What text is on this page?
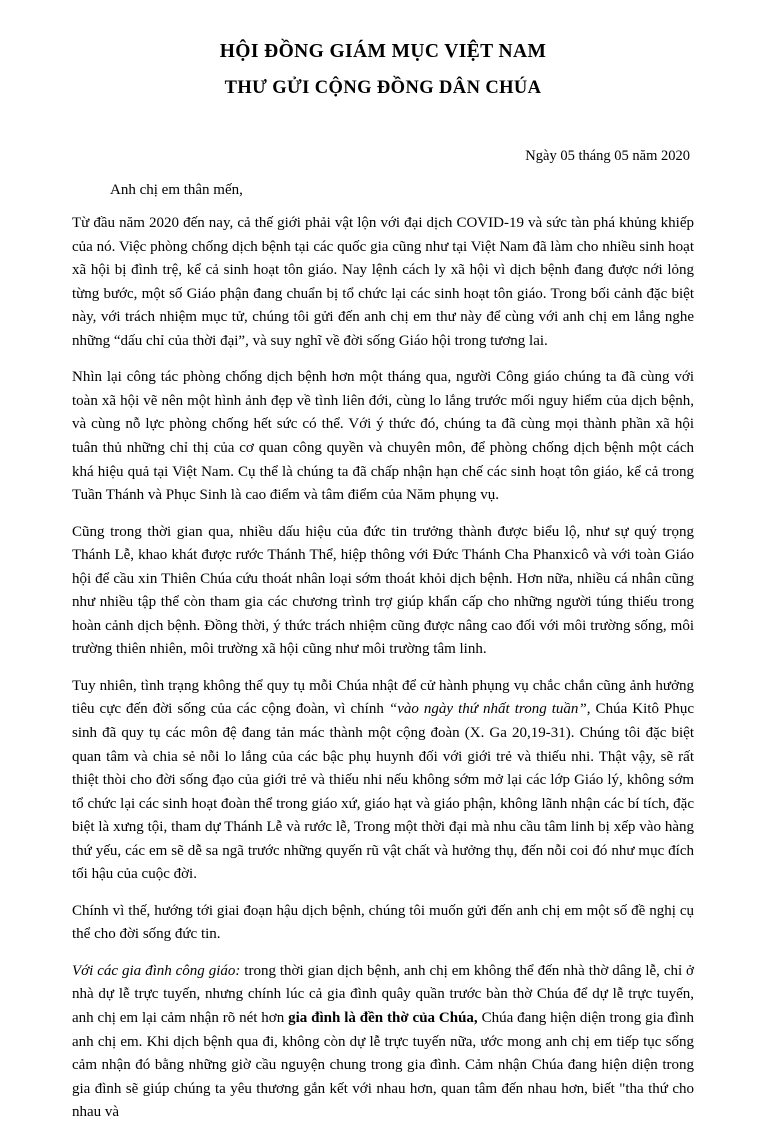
HỘI ĐỒNG GIÁM MỤC VIỆT NAM
THƯ GỬI CỘNG ĐỒNG DÂN CHÚA

Ngày 05 tháng 05 năm 2020

Anh chị em thân mến,

Từ đầu năm 2020 đến nay, cả thế giới phải vật lộn với đại dịch COVID-19 và sức tàn phá khủng khiếp của nó. Việc phòng chống dịch bệnh tại các quốc gia cũng như tại Việt Nam đã làm cho nhiều sinh hoạt xã hội bị đình trệ, kể cả sinh hoạt tôn giáo. Nay lệnh cách ly xã hội vì dịch bệnh đang được nới lỏng từng bước, một số Giáo phận đang chuẩn bị tổ chức lại các sinh hoạt tôn giáo. Trong bối cảnh đặc biệt này, với trách nhiệm mục tử, chúng tôi gửi đến anh chị em thư này để cùng với anh chị em lắng nghe những “dấu chỉ của thời đại”, và suy nghĩ về đời sống Giáo hội trong tương lai.

Nhìn lại công tác phòng chống dịch bệnh hơn một tháng qua, người Công giáo chúng ta đã cùng với toàn xã hội vẽ nên một hình ảnh đẹp về tình liên đới, cùng lo lắng trước mối nguy hiểm của dịch bệnh, và cùng nỗ lực phòng chống hết sức có thể. Với ý thức đó, chúng ta đã cùng mọi thành phần xã hội tuân thủ những chỉ thị của cơ quan công quyền và chuyên môn, để phòng chống dịch bệnh một cách khá hiệu quả tại Việt Nam. Cụ thể là chúng ta đã chấp nhận hạn chế các sinh hoạt tôn giáo, kể cả trong Tuần Thánh và Phục Sinh là cao điểm và tâm điểm của Năm phụng vụ.

Cũng trong thời gian qua, nhiều dấu hiệu của đức tin trưởng thành được biểu lộ, như sự quý trọng Thánh Lễ, khao khát được rước Thánh Thể, hiệp thông với Đức Thánh Cha Phanxicô và với toàn Giáo hội để cầu xin Thiên Chúa cứu thoát nhân loại sớm thoát khỏi dịch bệnh. Hơn nữa, nhiều cá nhân cũng như nhiều tập thể còn tham gia các chương trình trợ giúp khẩn cấp cho những người túng thiếu trong hoàn cảnh dịch bệnh. Đồng thời, ý thức trách nhiệm cũng được nâng cao đối với môi trường sống, môi trường thiên nhiên, môi trường xã hội cũng như môi trường tâm linh.

Tuy nhiên, tình trạng không thể quy tụ mỗi Chúa nhật để cử hành phụng vụ chắc chắn cũng ảnh hưởng tiêu cực đến đời sống của các cộng đoàn, vì chính “vào ngày thứ nhất trong tuần”, Chúa Kitô Phục sinh đã quy tụ các môn đệ đang tản mác thành một cộng đoàn (X. Ga 20,19-31). Chúng tôi đặc biệt quan tâm và chia sẻ nỗi lo lắng của các bậc phụ huynh đối với giới trẻ và thiếu nhi. Thật vậy, sẽ rất thiệt thòi cho đời sống đạo của giới trẻ và thiếu nhi nếu không sớm mở lại các lớp Giáo lý, không sớm tổ chức lại các sinh hoạt đoàn thể trong giáo xứ, giáo hạt và giáo phận, không lãnh nhận các bí tích, đặc biệt là xưng tội, tham dự Thánh Lễ và rước lễ, Trong một thời đại mà nhu cầu tâm linh bị xếp vào hàng thứ yếu, các em sẽ dễ sa ngã trước những quyến rũ vật chất và hưởng thụ, đến nỗi coi đó như mục đích tối hậu của cuộc đời.

Chính vì thế, hướng tới giai đoạn hậu dịch bệnh, chúng tôi muốn gửi đến anh chị em một số đề nghị cụ thể cho đời sống đức tin.

Với các gia đình công giáo: trong thời gian dịch bệnh, anh chị em không thể đến nhà thờ dâng lễ, chỉ ở nhà dự lễ trực tuyến, nhưng chính lúc cả gia đình quây quần trước bàn thờ Chúa để dự lễ trực tuyến, anh chị em lại cảm nhận rõ nét hơn gia đình là đền thờ của Chúa, Chúa đang hiện diện trong gia đình anh chị em. Khi dịch bệnh qua đi, không còn dự lễ trực tuyến nữa, ước mong anh chị em tiếp tục sống cảm nhận đó bằng những giờ cầu nguyện chung trong gia đình. Cảm nhận Chúa đang hiện diện trong gia đình sẽ giúp chúng ta yêu thương gắn kết với nhau hơn, quan tâm đến nhau hơn, biết "tha thứ cho nhau và
